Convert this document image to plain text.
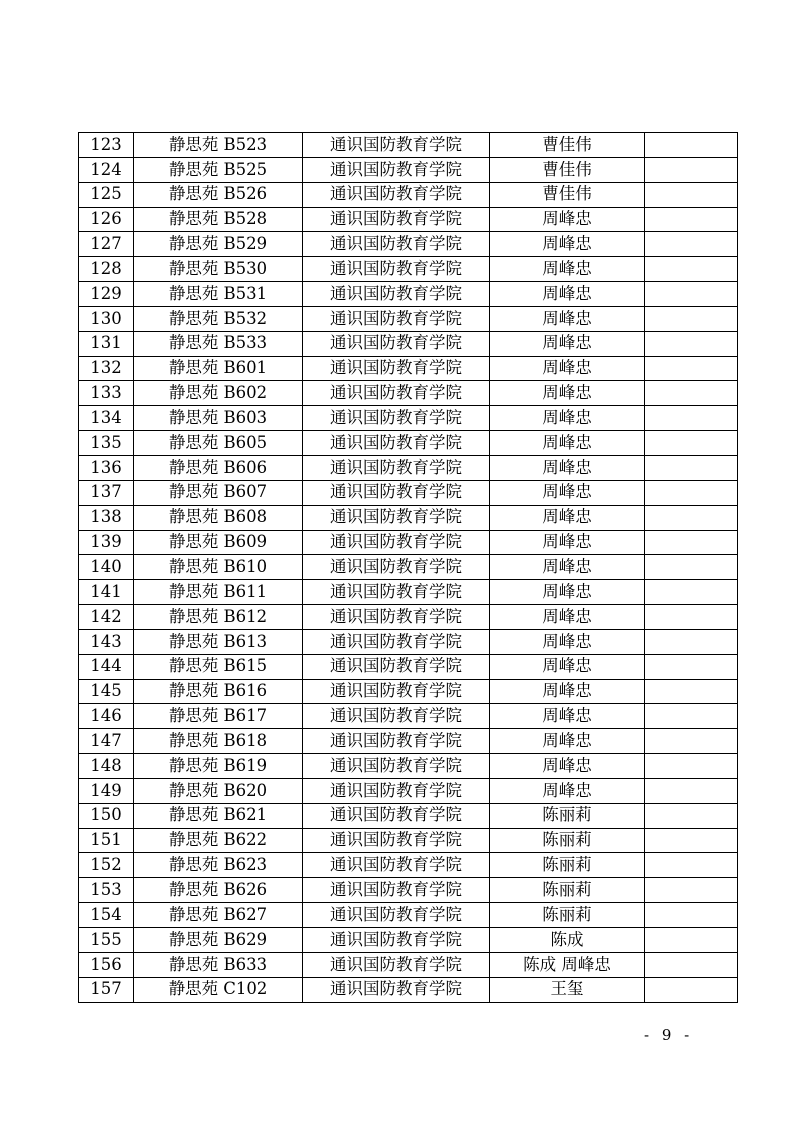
123	静思苑 B523	通识国防教育学院	曹佳伟	
124	静思苑 B525	通识国防教育学院	曹佳伟	
125	静思苑 B526	通识国防教育学院	曹佳伟	
126	静思苑 B528	通识国防教育学院	周峰忠	
127	静思苑 B529	通识国防教育学院	周峰忠	
128	静思苑 B530	通识国防教育学院	周峰忠	
129	静思苑 B531	通识国防教育学院	周峰忠	
130	静思苑 B532	通识国防教育学院	周峰忠	
131	静思苑 B533	通识国防教育学院	周峰忠	
132	静思苑 B601	通识国防教育学院	周峰忠	
133	静思苑 B602	通识国防教育学院	周峰忠	
134	静思苑 B603	通识国防教育学院	周峰忠	
135	静思苑 B605	通识国防教育学院	周峰忠	
136	静思苑 B606	通识国防教育学院	周峰忠	
137	静思苑 B607	通识国防教育学院	周峰忠	
138	静思苑 B608	通识国防教育学院	周峰忠	
139	静思苑 B609	通识国防教育学院	周峰忠	
140	静思苑 B610	通识国防教育学院	周峰忠	
141	静思苑 B611	通识国防教育学院	周峰忠	
142	静思苑 B612	通识国防教育学院	周峰忠	
143	静思苑 B613	通识国防教育学院	周峰忠	
144	静思苑 B615	通识国防教育学院	周峰忠	
145	静思苑 B616	通识国防教育学院	周峰忠	
146	静思苑 B617	通识国防教育学院	周峰忠	
147	静思苑 B618	通识国防教育学院	周峰忠	
148	静思苑 B619	通识国防教育学院	周峰忠	
149	静思苑 B620	通识国防教育学院	周峰忠	
150	静思苑 B621	通识国防教育学院	陈丽莉	
151	静思苑 B622	通识国防教育学院	陈丽莉	
152	静思苑 B623	通识国防教育学院	陈丽莉	
153	静思苑 B626	通识国防教育学院	陈丽莉	
154	静思苑 B627	通识国防教育学院	陈丽莉	
155	静思苑 B629	通识国防教育学院	陈成	
156	静思苑 B633	通识国防教育学院	陈成 周峰忠	
157	静思苑 C102	通识国防教育学院	王玺	
- 9 -
